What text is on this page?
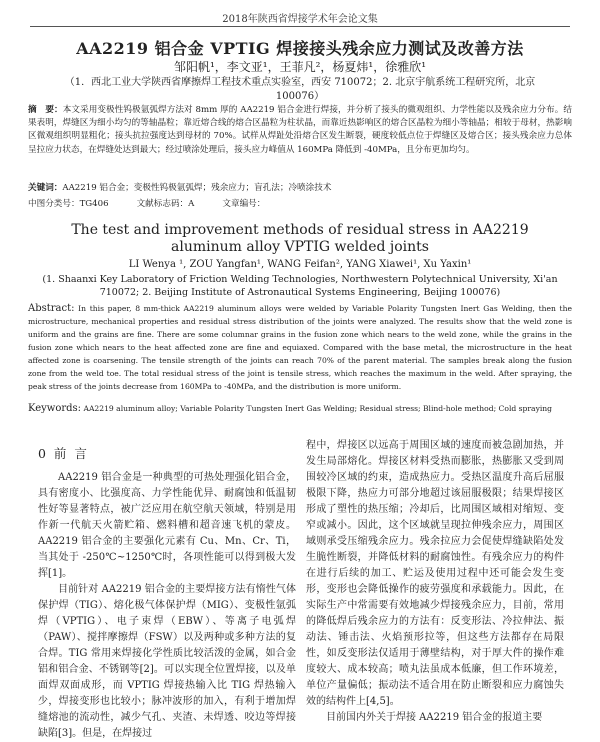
2018年陕西省焊接学术年会论文集
AA2219 铝合金 VPTIG 焊接接头残余应力测试及改善方法
邹阳帆¹，李文亚¹，王菲凡²，杨夏炜¹，徐雅欣¹
（1．西北工业大学陕西省摩擦焊工程技术重点实验室，西安 710072；2. 北京宇航系统工程研究所，北京 100076）
摘　要：本文采用变极性钨极氩弧焊方法对 8mm 厚的 AA2219 铝合金进行焊接，并分析了接头的微观组织、力学性能以及残余应力分布。结果表明，焊缝区为细小均匀的等轴晶粒；靠近熔合线的熔合区晶粒为柱状晶，而靠近热影响区的熔合区晶粒为细小等轴晶；相较于母材，热影响区微观组织明显粗化；接头抗拉强度达到母材的 70%。试样从焊趾处沿熔合区发生断裂，硬度较低点位于焊缝区及熔合区；接头残余应力总体呈拉应力状态，在焊缝处达到最大；经过喷涂处理后，接头应力峰值从 160MPa 降低到 -40MPa，且分布更加均匀。
关键词：AA2219 铝合金；变极性钨极氩弧焊；残余应力；盲孔法；冷喷涂技术
中图分类号：TG406	文献标志码：A	文章编号：
The test and improvement methods of residual stress in AA2219 aluminum alloy VPTIG welded joints
LI Wenya ¹, ZOU Yangfan¹, WANG Feifan², YANG Xiawei¹, Xu Yaxin¹
(1. Shaanxi Key Laboratory of Friction Welding Technologies, Northwestern Polytechnical University, Xi'an 710072; 2. Beijing Institute of Astronautical Systems Engineering, Beijing 100076)
Abstract: In this paper, 8 mm-thick AA2219 aluminum alloys were welded by Variable Polarity Tungsten Inert Gas Welding, then the microstructure, mechanical properties and residual stress distribution of the joints were analyzed. The results show that the weld zone is uniform and the grains are fine. There are some columnar grains in the fusion zone which nears to the weld zone, while the grains in the fusion zone which nears to the heat affected zone are fine and equiaxed. Compared with the base metal, the microstructure in the heat affected zone is coarsening. The tensile strength of the joints can reach 70% of the parent material. The samples break along the fusion zone from the weld toe. The total residual stress of the joint is tensile stress, which reaches the maximum in the weld. After spraying, the peak stress of the joints decrease from 160MPa to -40MPa, and the distribution is more uniform.
Keywords: AA2219 aluminum alloy; Variable Polarity Tungsten Inert Gas Welding; Residual stress; Blind-hole method; Cold spraying
0 前 言

AA2219 铝合金是一种典型的可热处理强化铝合金，具有密度小、比强度高、力学性能优异、耐腐蚀和低温韧性好等显著特点，被广泛应用在航空航天领域，特别是用作新一代航天火箭贮箱、燃料槽和超音速飞机的蒙皮。AA2219 铝合金的主要强化元素有 Cu、Mn、Cr、Ti，当其处于 -250℃~1250℃时，各项性能可以得到极大发挥[1]。

目前针对 AA2219 铝合金的主要焊接方法有惰性气体保护焊（TIG）、熔化极气体保护焊（MIG）、变极性氩弧焊（VPTIG）、电子束焊（EBW）、等离子电弧焊（PAW）、搅拌摩擦焊（FSW）以及两种或多种方法的复合焊。TIG 常用来焊接化学性质比较活泼的金属，如合金铝和铝合金、不锈钢等[2]。可以实现全位置焊接，以及单面焊双面成形，而 VPTIG 焊接热输入比 TIG 焊热输入少，焊接变形也比较小；脉冲波形的加入，有利于增加焊缝熔池的流动性，减少气孔、夹渣、未焊透、咬边等焊接缺陷[3]。但是，在焊接过

程中，焊接区以远高于周围区域的速度而被急剧加热，并发生局部熔化。焊接区材料受热而膨胀，热膨胀又受到周围较冷区域的约束，造成热应力。受热区温度升高后屈服极限下降，热应力可部分地超过该屈服极限；结果焊接区形成了塑性的热压缩；冷却后，比周围区域相对缩短、变窄或减小。因此，这个区域就呈现拉伸残余应力，周围区域则承受压缩残余应力。残余拉应力会促使焊缝缺陷处发生脆性断裂，并降低材料的耐腐蚀性。有残余应力的构件在进行后续的加工、贮运及使用过程中还可能会发生变形，变形也会降低操作的疲劳强度和承载能力。因此，在实际生产中常需要有效地减少焊接残余应力，目前，常用的降低焊后残余应力的方法有：反变形法、冷拉伸法、振动法、锤击法、火焰预形拉等，但这些方法都存在局限性，如反变形法仅适用于薄壁结构，对于厚大件的操作难度较大、成本较高；喷丸法虽成本低廉，但工作环境差，单位产量偏低；振动法不适合用在防止断裂和应力腐蚀失效的结构件上[4,5]。

目前国内外关于焊接 AA2219 铝合金的报道主要
